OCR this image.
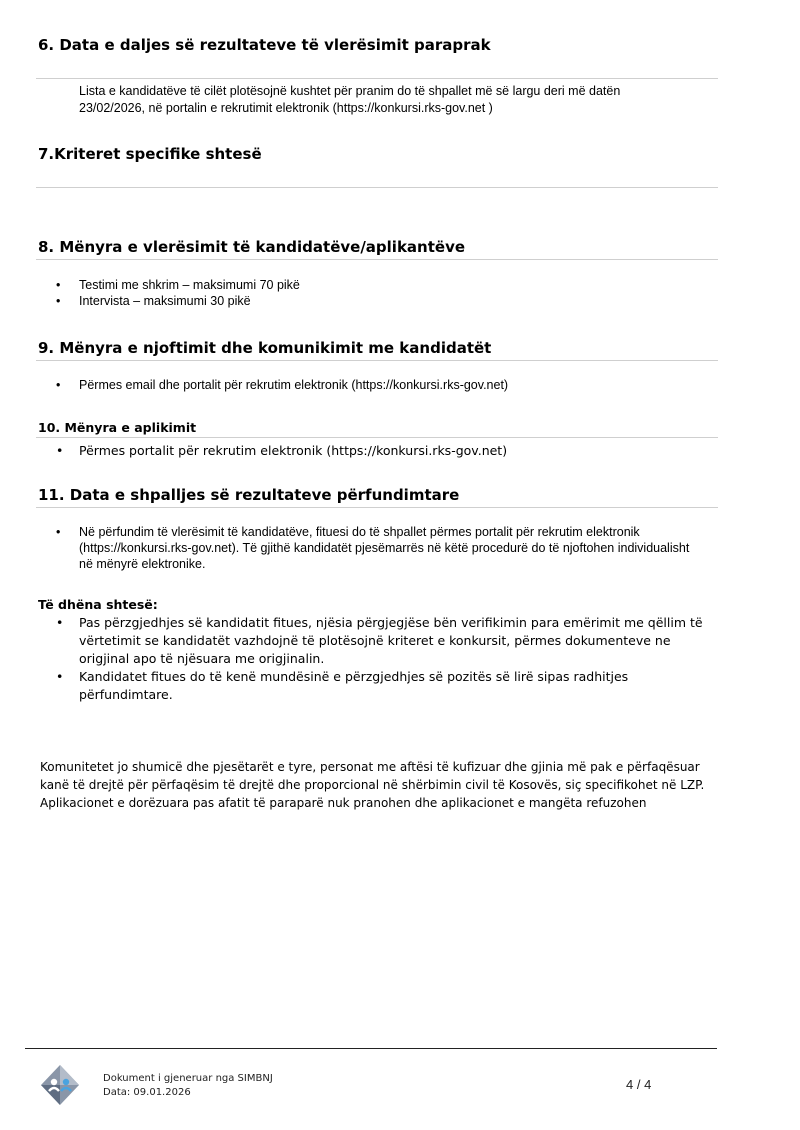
6. Data e daljes së rezultateve të vlerësimit paraprak

Lista e kandidatëve të cilët plotësojnë kushtet për pranim do të shpallet më së largu deri më datën 23/02/2026, në portalin e rekrutimit elektronik (https://konkursi.rks-gov.net )

7.Kriteret specifike shtesë
8. Mënyra e vlerësimit të kandidatëve/aplikantëve
• Testimi me shkrim – maksimumi 70 pikë
• Intervista – maksimumi 30 pikë
9. Mënyra e njoftimit dhe komunikimit me kandidatët
• Përmes email dhe portalit për rekrutim elektronik (https://konkursi.rks-gov.net)
10. Mënyra e aplikimit
• Përmes portalit për rekrutim elektronik (https://konkursi.rks-gov.net)
11. Data e shpalljes së rezultateve përfundimtare
• Në përfundim të vlerësimit të kandidatëve, fituesi do të shpallet përmes portalit për rekrutim elektronik (https://konkursi.rks-gov.net). Të gjithë kandidatët pjesëmarrës në këtë procedurë do të njoftohen individualisht në mënyrë elektronike.
Të dhëna shtesë:
• Pas përzgjedhjes së kandidatit fitues, njësia përgjegjëse bën verifikimin para emërimit me qëllim të vërtetimit se kandidatët vazhdojnë të plotësojnë kriteret e konkursit, përmes dokumenteve ne origjinal apo të njësuara me origjinalin.
• Kandidatet fitues do të kenë mundësinë e përzgjedhjes së pozitës së lirë sipas radhitjes përfundimtare.

Komunitetet jo shumicë dhe pjesëtarët e tyre, personat me aftësi të kufizuar dhe gjinia më pak e përfaqësuar kanë të drejtë për përfaqësim të drejtë dhe proporcional në shërbimin civil të Kosovës, siç specifikohet në LZP. Aplikacionet e dorëzuara pas afatit të paraparë nuk pranohen dhe aplikacionet e mangëta refuzohen

Dokument i gjeneruar nga SIMBNJ
Data: 09.01.2026
4 / 4
